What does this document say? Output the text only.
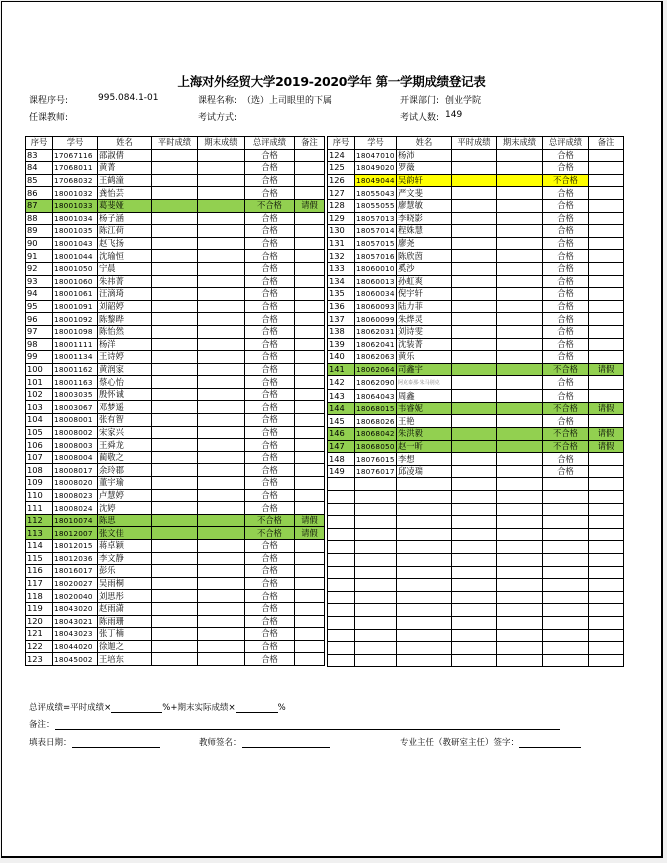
上海对外经贸大学2019-2020学年 第一学期成绩登记表
课程序号:	995.084.1-01	课程名称: （选）上司眼里的下属	开课部门: 创业学院
任课教师:	考试方式:	考试人数: 149
序号	学号	姓名	平时成绩	期末成绩	总评成绩	备注
83	17067116	邵淑倩			合格	
84	17068011	黄菁			合格	
85	17068032	王鹤潼			合格	
86	18001032	龚怡芸			合格	
87	18001033	葛斐娅			不合格	请假
88	18001034	杨子涵			合格	
89	18001035	陈江荷			合格	
90	18001043	赵飞扬			合格	
91	18001044	沈瑜恒			合格	
92	18001050	宁晨			合格	
93	18001060	朱祎菁			合格	
94	18001061	汪滴琦			合格	
95	18001091	刘韶婷			合格	
96	18001092	陈黎晔			合格	
97	18001098	陈怡然			合格	
98	18001111	杨洋			合格	
99	18001134	王诗婷			合格	
100	18001162	黄润家			合格	
101	18001163	蔡心怡			合格	
102	18003035	殷怀诚			合格	
103	18003067	邓梦遥			合格	
104	18008001	张有智			合格	
105	18008002	宋家兴			合格	
106	18008003	王舜龙			合格	
107	18008004	蔺敬之			合格	
108	18008017	余玲郡			合格	
109	18008020	董宇瑜			合格	
110	18008023	卢慧婷			合格	
111	18008024	沈婷			合格	
112	18010074	陈思			不合格	请假
113	18012007	张文佳			不合格	请假
114	18012015	蒋卓颖			合格	
115	18012036	李文静			合格	
116	18016017	彭乐			合格	
117	18020027	吴雨桐			合格	
118	18020040	刘思彤			合格	
119	18043020	赵雨潇			合格	
120	18043021	陈雨珊			合格	
121	18043023	张丁楠			合格	
122	18044020	徐迦之			合格	
123	18045002	王培东			合格	
序号	学号	姓名	平时成绩	期末成绩	总评成绩	备注
124	18047010	杨沛			合格	
125	18049020	罗薇			合格	
126	18049044	吴韵轩			不合格	
127	18055043	严文斐			合格	
128	18055055	廖慧敏			合格	
129	18057013	李晓影			合格	
130	18057014	程姝慧			合格	
131	18057015	廖尧			合格	
132	18057016	陈欣茵			合格	
133	18060010	奚沙			合格	
134	18060013	孙虹爽			合格	
135	18060034	倪宇轩			合格	
136	18060093	陆力菲			合格	
137	18060099	朱烨灵			合格	
138	18062031	刘诗雯			合格	
139	18062041	沈装菁			合格	
140	18062063	黄乐			合格	
141	18062064	司鑫宇			不合格	请假
142	18062090	阿克泰那·朱马别克			合格	
143	18064043	周鑫			合格	
144	18068015	韦睿妮			不合格	请假
145	18068026	王艳			合格	
146	18068042	朱洪毅			不合格	请假
147	18068050	赵一昕			不合格	请假
148	18076015	李想			合格	
149	18076017	邱凌瑞			合格	

总评成绩=平时成绩×	%+期末实际成绩×	%
备注：
填表日期：	教师签名：	专业主任（教研室主任）签字：
